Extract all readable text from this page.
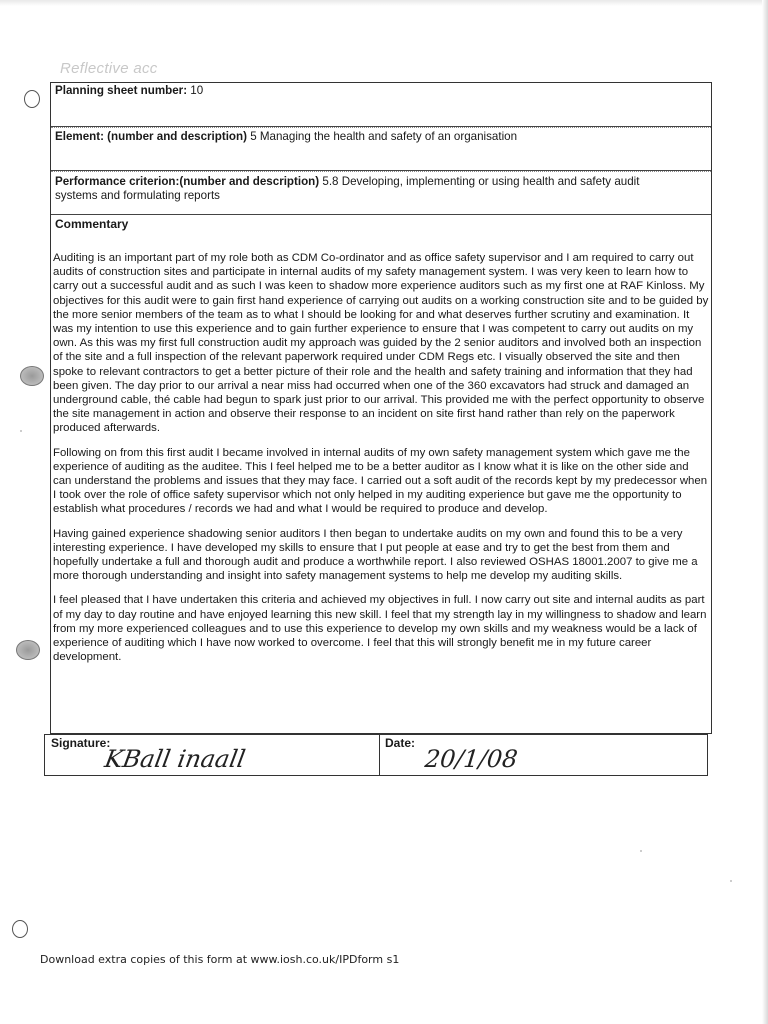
Reflective acc
Planning sheet number: 10
Element: (number and description) 5 Managing the health and safety of an organisation
Performance criterion:(number and description) 5.8 Developing, implementing or using health and safety audit
systems and formulating reports
Commentary

Auditing is an important part of my role both as CDM Co-ordinator and as office safety supervisor and I am required to carry out audits of construction sites and participate in internal audits of my safety management system. I was very keen to learn how to carry out a successful audit and as such I was keen to shadow more experience auditors such as my first one at RAF Kinloss. My objectives for this audit were to gain first hand experience of carrying out audits on a working construction site and to be guided by the more senior members of the team as to what I should be looking for and what deserves further scrutiny and examination. It was my intention to use this experience and to gain further experience to ensure that I was competent to carry out audits on my own. As this was my first full construction audit my approach was guided by the 2 senior auditors and involved both an inspection of the site and a full inspection of the relevant paperwork required under CDM Regs etc. I visually observed the site and then spoke to relevant contractors to get a better picture of their role and the health and safety training and information that they had been given. The day prior to our arrival a near miss had occurred when one of the 360 excavators had struck and damaged an underground cable, thé cable had begun to spark just prior to our arrival. This provided me with the perfect opportunity to observe the site management in action and observe their response to an incident on site first hand rather than rely on the paperwork produced afterwards.

Following on from this first audit I became involved in internal audits of my own safety management system which gave me the experience of auditing as the auditee. This I feel helped me to be a better auditor as I know what it is like on the other side and can understand the problems and issues that they may face. I carried out a soft audit of the records kept by my predecessor when I took over the role of office safety supervisor which not only helped in my auditing experience but gave me the opportunity to establish what procedures / records we had and what I would be required to produce and develop.

Having gained experience shadowing senior auditors I then began to undertake audits on my own and found this to be a very interesting experience. I have developed my skills to ensure that I put people at ease and try to get the best from them and hopefully undertake a full and thorough audit and produce a worthwhile report. I also reviewed OSHAS 18001.2007 to give me a more thorough understanding and insight into safety management systems to help me develop my auditing skills.

I feel pleased that I have undertaken this criteria and achieved my objectives in full. I now carry out site and internal audits as part of my day to day routine and have enjoyed learning this new skill. I feel that my strength lay in my willingness to shadow and learn from my more experienced colleagues and to use this experience to develop my own skills and my weakness would be a lack of experience of auditing which I have now worked to overcome. I feel that this will strongly benefit me in my future career development.

Signature:	Date:
KBall inaall	20/1/08
Download extra copies of this form at www.iosh.co.uk/IPDform s1
